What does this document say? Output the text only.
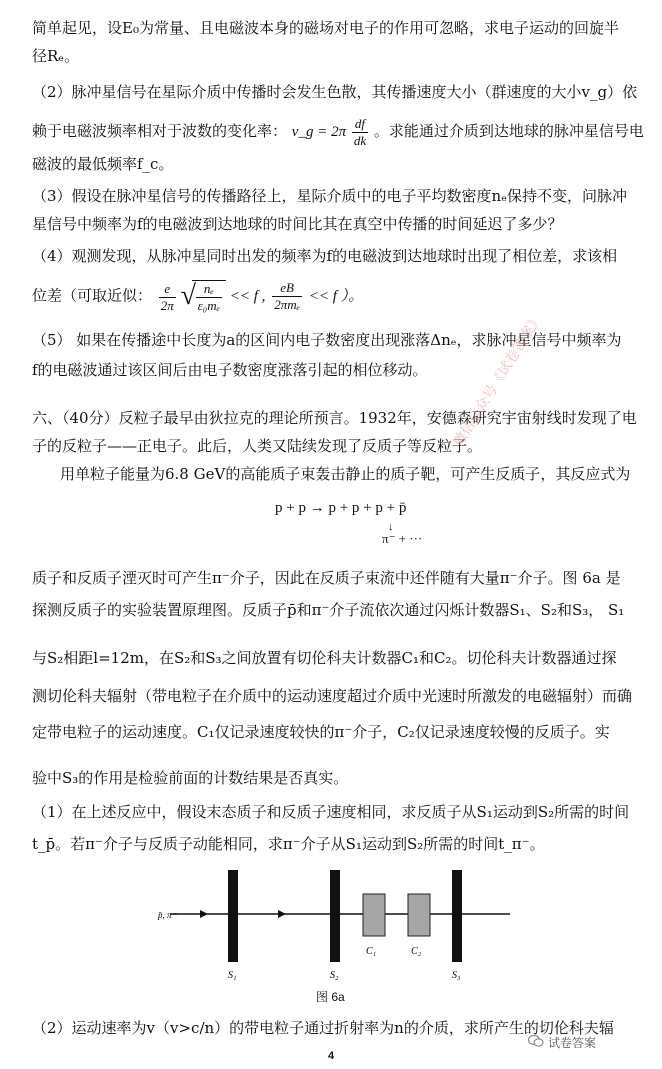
简单起见，设E₀为常量、且电磁波本身的磁场对电子的作用可忽略，求电子运动的回旋半
径Rₑ。
（2）脉冲星信号在星际介质中传播时会发生色散，其传播速度大小（群速度的大小v_g）依
赖于电磁波频率相对于波数的变化率： v_g = $2\pi \frac{df}{dk}$ 。求能通过介质到达地球的脉冲星信号电
磁波的最低频率f_c。
（3）假设在脉冲星信号的传播路径上，星际介质中的电子平均数密度nₑ保持不变，问脉冲
星信号中频率为f的电磁波到达地球的时间比其在真空中传播的时间延迟了多少？
（4）观测发现，从脉冲星同时出发的频率为f的电磁波到达地球时出现了相位差，求该相
位差（可取近似： $\frac{e}{2\pi}$
√ $\frac{\text{nₑ}}{\text{ε₀mₑ}} << f$ , $\frac{eB}{\text{2πmₑ}} << f$ ）。
（5） 如果在传播途中长度为a的区间内电子数密度出现涨落Δnₑ，求脉冲星信号中频率为
f的电磁波通过该区间后由电子数密度涨落引起的相位移动。
六、（40分）反粒子最早由狄拉克的理论所预言。1932年，安德森研究宇宙射线时发现了电
子的反粒子——正电子。此后，人类又陆续发现了反质子等反粒子。
用单粒子能量为6.8 GeV的高能质子束轰击静止的质子靶，可产生反质子，其反应式为
p + p → p + p + p + p̄
↓
π⁻ + ···
微信公众号《试卷答案》
质子和反质子湮灭时可产生π⁻介子，因此在反质子束流中还伴随有大量π⁻介子。图 6a 是
探测反质子的实验装置原理图。反质子p̄和π⁻介子流依次通过闪烁计数器S₁、S₂和S₃， S₁
与S₂相距l=12m，在S₂和S₃之间放置有切伦科夫计数器C₁和C₂。切伦科夫计数器通过探
测切伦科夫辐射（带电粒子在介质中的运动速度超过介质中光速时所激发的电磁辐射）而确
定带电粒子的运动速度。C₁仅记录速度较快的π⁻介子，C₂仅记录速度较慢的反质子。实
验中S₃的作用是检验前面的计数结果是否真实。
（1）在上述反应中，假设末态质子和反质子速度相同，求反质子从S₁运动到S₂所需的时间
t_p̄。若π⁻介子与反质子动能相同，求π⁻介子从S₁运动到S₂所需的时间t_π⁻。
p̄, π⁻
S₁	S₂
C₁	C₂
S₃
图 6a
（2）运动速率为v（v>c/n）的带电粒子通过折射率为n的介质，求所产生的切伦科夫辐
4
试卷答案
